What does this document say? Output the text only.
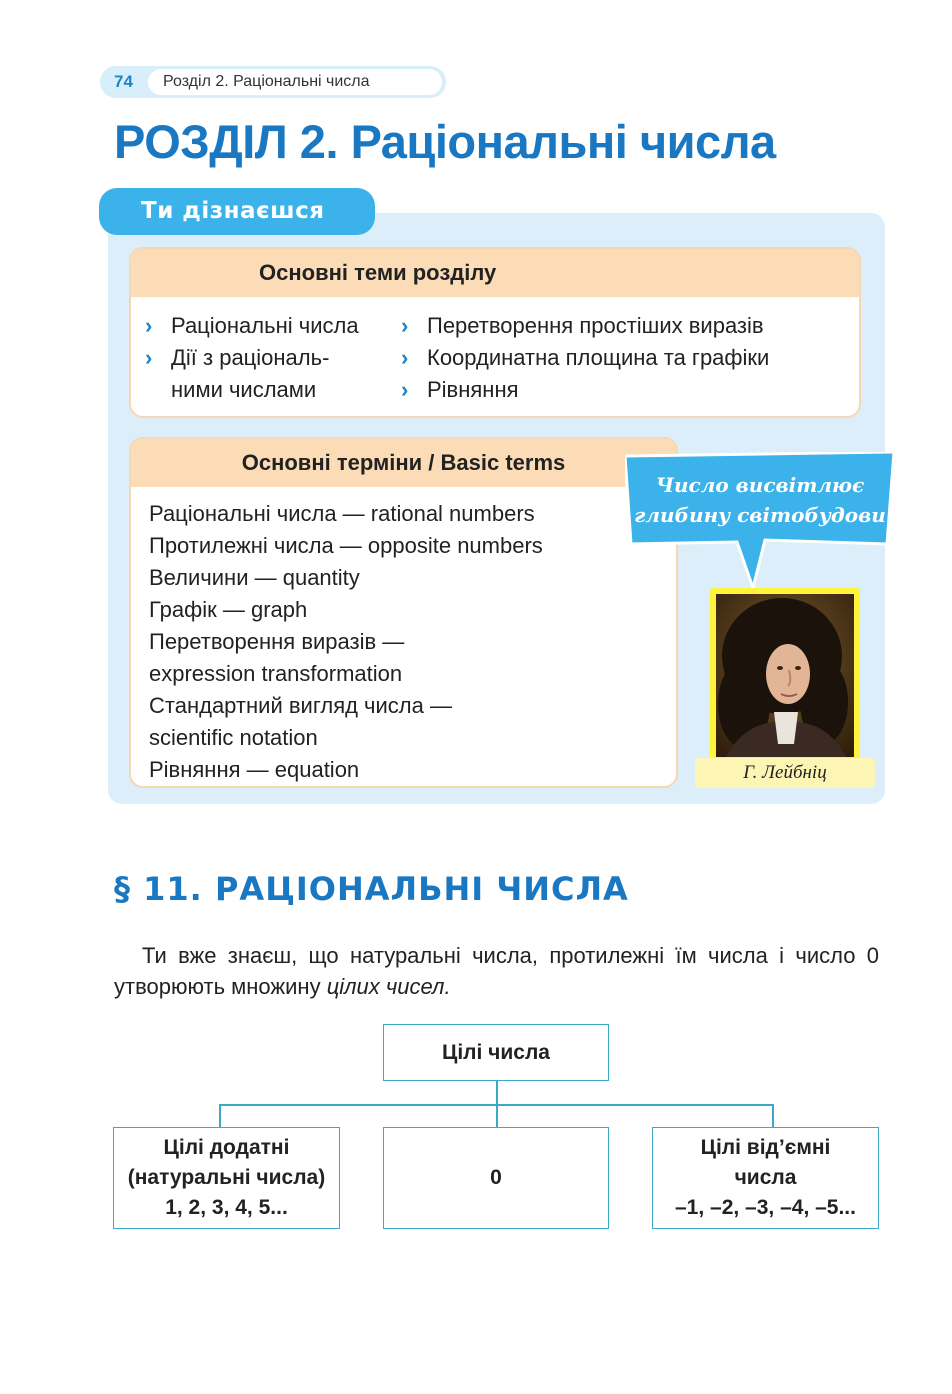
74	Розділ 2. Раціональні числа
РОЗДІЛ 2. Раціональні числа
Ти дізнаєшся
Основні теми розділу
› Раціональні числа
› Дії з раціональ-
ними числами
› Перетворення простіших виразів
› Координатна площина та графіки
› Рівняння
Основні терміни / Basic terms
Раціональні числа — rational numbers
Протилежні числа — opposite numbers
Величини — quantity
Графік — graph
Перетворення виразів —
expression transformation
Стандартний вигляд числа —
scientific notation
Рівняння — equation
Число висвітлює
глибину світобудови
Г. Лейбніц
§ 11. РАЦІОНАЛЬНІ ЧИСЛА

Ти вже знаєш, що натуральні числа, протилежні їм числа і число 0 утворюють множину цілих чисел.

Цілі числа
Цілі додатні
(натуральні числа)
1, 2, 3, 4, 5...
0
Цілі від’ємні
числа
–1, –2, –3, –4, –5...
